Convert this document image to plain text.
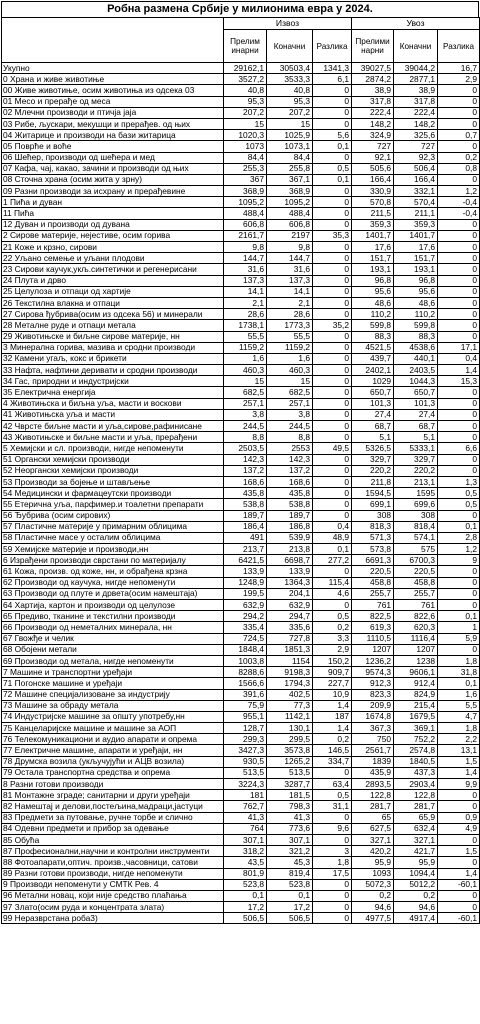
Робна размена Србије у милионима евра у 2024.
	Извоз			Увоз		
	Прелим инарни	Коначни	Разлика	Прелими нарни	Коначни	Разлика
Укупно	29162,1	30503,4	1341,3	39027,5	39044,2	16,7
0 Храна и живе животиње	3527,2	3533,3	6,1	2874,2	2877,1	2,9
00 Живе животиње, осим животиња из одсека 03	40,8	40,8	0	38,9	38,9	0
01 Месо и прерађе од меса	95,3	95,3	0	317,8	317,8	0
02 Млечни производи и птичја јаја	207,2	207,2	0	222,4	222,4	0
03 Рибе, љускари, мекушци и прерађев. од њих	15	15	0	148,2	148,2	0
04 Житарице и производи на бази житарица	1020,3	1025,9	5,6	324,9	325,6	0,7
05 Поврће и воће	1073	1073,1	0,1	727	727	0
06 Шећер, производи од шећера и мед	84,4	84,4	0	92,1	92,3	0,2
07 Кафа, чај, какао, зачини и производи од њих	255,3	255,8	0,5	505,6	506,4	0,8
08 Сточна храна (осим жита у зрну)	367	367,1	0,1	166,4	166,4	0
09 Разни производи за исхрану и прерађевине	368,9	368,9	0	330,9	332,1	1,2
1 Пића и дуван	1095,2	1095,2	0	570,8	570,4	-0,4
11 Пића	488,4	488,4	0	211,5	211,1	-0,4
12 Дуван и производи од дувана	606,8	606,8	0	359,3	359,3	0
2 Сирове материје, нејестиве, осим горива	2161,7	2197	35,3	1401,7	1401,7	0
21 Коже и крзно, сирови	9,8	9,8	0	17,6	17,6	0
22 Уљано семење и уљани плодови	144,7	144,7	0	151,7	151,7	0
23 Сирови каучук,укљ.синтетички и регенерисани	31,6	31,6	0	193,1	193,1	0
24 Плута и дрво	137,3	137,3	0	96,8	96,8	0
25 Целулоза и отпаци од хартије	14,1	14,1	0	95,6	95,6	0
26 Текстилна влакна и отпаци	2,1	2,1	0	48,6	48,6	0
27 Сирова ђубрива(осим из одсека 56) и минерали	28,6	28,6	0	110,2	110,2	0
28 Металне руде и отпаци метала	1738,1	1773,3	35,2	599,8	599,8	0
29 Животињске и биљне сирове материје, нн	55,5	55,5	0	88,3	88,3	0
3 Минерална горива, мазива и сродни производи	1159,2	1159,2	0	4521,5	4538,6	17,1
32 Камени угаљ, кокс и брикети	1,6	1,6	0	439,7	440,1	0,4
33 Нафта, нафтини деривати и сродни производи	460,3	460,3	0	2402,1	2403,5	1,4
34 Гас, природни и индустријски	15	15	0	1029	1044,3	15,3
35 Електрична енергија	682,5	682,5	0	650,7	650,7	0
4 Животињска и биљна уља, масти и воскови	257,1	257,1	0	101,3	101,3	0
41 Животињска уља и масти	3,8	3,8	0	27,4	27,4	0
42 Чврсте биљне масти и уља,сирове,рафинисане	244,5	244,5	0	68,7	68,7	0
43 Животињске и биљне масти и уља, прерађени	8,8	8,8	0	5,1	5,1	0
5 Хемијски и сл. производи, нигде непоменути	2503,5	2553	49,5	5326,5	5333,1	6,6
51 Органски хемијски производи	142,3	142,3	0	329,7	329,7	0
52 Неоргански хемијски производи	137,2	137,2	0	220,2	220,2	0
53 Производи за бојење и штављење	168,6	168,6	0	211,8	213,1	1,3
54 Медицински и фармацеутски производи	435,8	435,8	0	1594,5	1595	0,5
55 Етерична уља, парфимер.и тоалетни препарати	538,8	538,8	0	699,1	699,6	0,5
56 Ђубрива (осим сирових)	189,7	189,7	0	308	308	0
57 Пластичне материје у примарним облицима	186,4	186,8	0,4	818,3	818,4	0,1
58 Пластичне масе у осталим облицима	491	539,9	48,9	571,3	574,1	2,8
59 Хемијске материје и производи,нн	213,7	213,8	0,1	573,8	575	1,2
6 Израђени производи сврстани по материјалу	6421,5	6698,7	277,2	6691,3	6700,3	9
61 Кожа, произв. од коже, нн, и обрађена крзна	133,9	133,9	0	220,5	220,5	0
62 Производи од каучука, нигде непоменути	1248,9	1364,3	115,4	458,8	458,8	0
63 Производи од плуте и дрвета(осим намештаја)	199,5	204,1	4,6	255,7	255,7	0
64 Хартија, картон и производи од целулозе	632,9	632,9	0	761	761	0
65 Предиво, тканине и текстилни производи	294,2	294,7	0,5	822,5	822,6	0,1
66 Производи од неметалних минерала, нн	335,4	335,6	0,2	619,3	620,3	1
67 Гвожђе и челик	724,5	727,8	3,3	1110,5	1116,4	5,9
68 Обојени метали	1848,4	1851,3	2,9	1207	1207	0
69 Производи од метала, нигде непоменути	1003,8	1154	150,2	1236,2	1238	1,8
7 Машине и транспортни уређаји	8288,6	9198,3	909,7	9574,3	9606,1	31,8
71 Погонске машине и уређаји	1566,6	1794,3	227,7	912,3	912,4	0,1
72 Машине специјализоване за индустрију	391,6	402,5	10,9	823,3	824,9	1,6
73 Машине за обраду метала	75,9	77,3	1,4	209,9	215,4	5,5
74 Индустријске машине за општу употребу,нн	955,1	1142,1	187	1674,8	1679,5	4,7
75 Канцеларијске машине и машине за АОП	128,7	130,1	1,4	367,3	369,1	1,8
76 Телекомуникациони и аудио апарати и опрема	299,3	299,5	0,2	750	752,2	2,2
77 Електричне машине, апарати и уређаји, нн	3427,3	3573,8	146,5	2561,7	2574,8	13,1
78 Друмска возила (укључујући и АЦВ возила)	930,5	1265,2	334,7	1839	1840,5	1,5
79 Остала транспортна средства и опрема	513,5	513,5	0	435,9	437,3	1,4
8 Разни готови производи	3224,3	3287,7	63,4	2893,5	2903,4	9,9
81 Монтажне зграде; санитарни и други уређаји	181	181,5	0,5	122,8	122,8	0
82 Намештај и делови,постељина,мадраци,јастуци	762,7	798,3	31,1	281,7	281,7	0
83 Предмети за путовање, ручне торбе и слично	41,3	41,3	0	65	65,9	0,9
84 Одевни предмети и прибор за одевање	764	773,6	9,6	627,5	632,4	4,9
85 Обућа	307,1	307,1	0	327,1	327,1	0
87 Професионални,научни и контролни инструменти	318,2	321,2	3	420,2	421,7	1,5
88 Фотоапарати,оптич. произв.,часовници, сатови	43,5	45,3	1,8	95,9	95,9	0
89 Разни готови производи, нигде непоменути	801,9	819,4	17,5	1093	1094,4	1,4
9 Производи непоменути у СМТК Рев. 4	523,8	523,8	0	5072,3	5012,2	-60,1
96 Метални новац, који није средство плаћања	0,1	0,1	0	0,2	0,2	0
97 Злато(осим руда и концентрата злата)	17,2	17,2	0	94,6	94,6	0
99 Неразврстана роба3)	506,5	506,5	0	4977,5	4917,4	-60,1
